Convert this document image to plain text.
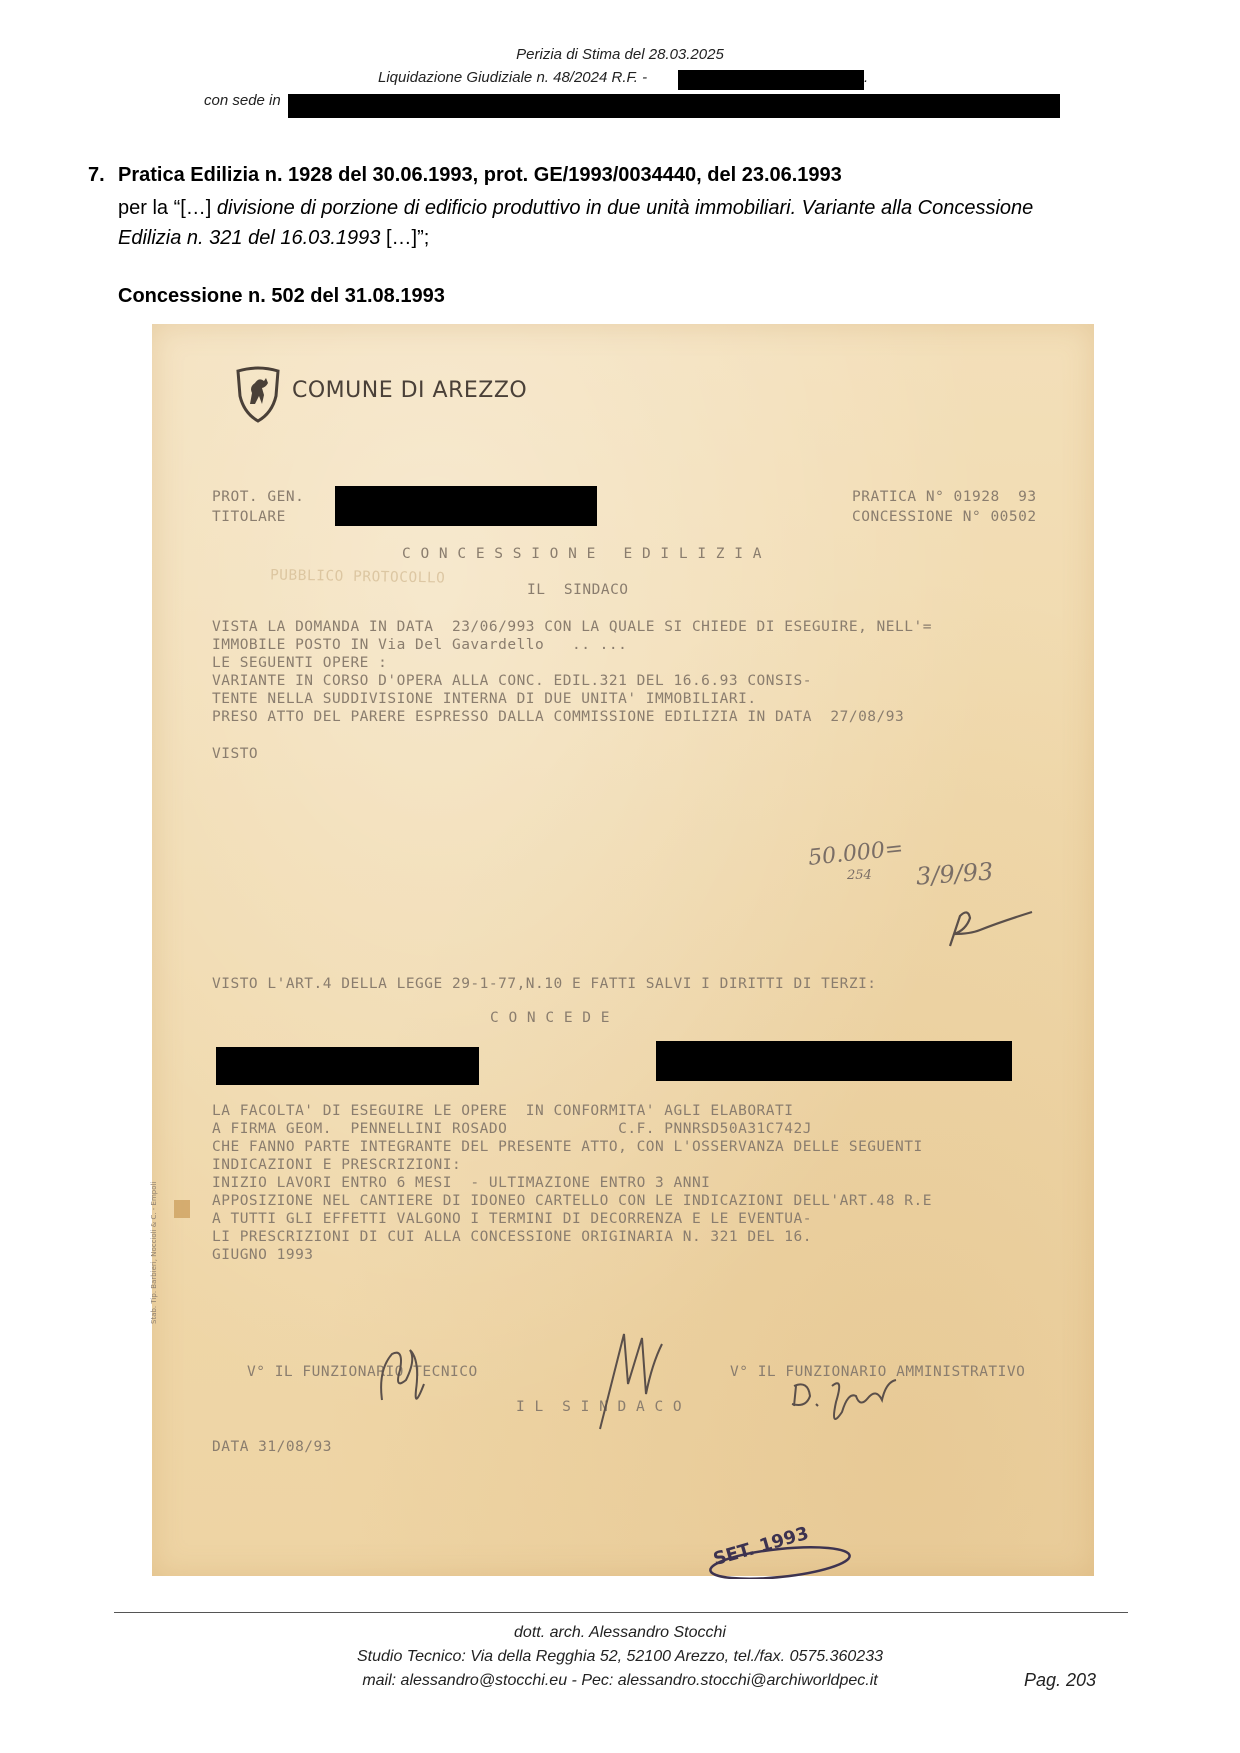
Perizia di Stima del 28.03.2025
Liquidazione Giudiziale n. 48/2024 R.F. -	.
con sede in
7. Pratica Edilizia n. 1928 del 30.06.1993, prot. GE/1993/0034440, del 23.06.1993
per la “[…] divisione di porzione di edificio produttivo in due unità immobiliari. Variante alla Concessione Edilizia n. 321 del 16.03.1993 […]”;
Concessione n. 502 del 31.08.1993
COMUNE DI AREZZO
PROT. GEN.
TITOLARE
PRATICA N° 01928  93
CONCESSIONE N° 00502
C O N C E S S I O N E   E D I L I Z I A
PUBBLICO PROTOCOLLO
IL  SINDACO
VISTA LA DOMANDA IN DATA  23/06/993 CON LA QUALE SI CHIEDE DI ESEGUIRE, NELL'=
IMMOBILE POSTO IN Via Del Gavardello   .. ...
LE SEGUENTI OPERE :
VARIANTE IN CORSO D'OPERA ALLA CONC. EDIL.321 DEL 16.6.93 CONSIS-
TENTE NELLA SUDDIVISIONE INTERNA DI DUE UNITA' IMMOBILIARI.
PRESO ATTO DEL PARERE ESPRESSO DALLA COMMISSIONE EDILIZIA IN DATA  27/08/93
VISTO
50.000=
254 3/9/93
VISTO L'ART.4 DELLA LEGGE 29-1-77,N.10 E FATTI SALVI I DIRITTI DI TERZI:
C O N C E D E
LA FACOLTA' DI ESEGUIRE LE OPERE  IN CONFORMITA' AGLI ELABORATI
A FIRMA GEOM.  PENNELLINI ROSADO            C.F. PNNRSD50A31C742J
CHE FANNO PARTE INTEGRANTE DEL PRESENTE ATTO, CON L'OSSERVANZA DELLE SEGUENTI
INDICAZIONI E PRESCRIZIONI:
INIZIO LAVORI ENTRO 6 MESI  - ULTIMAZIONE ENTRO 3 ANNI
APPOSIZIONE NEL CANTIERE DI IDONEO CARTELLO CON LE INDICAZIONI DELL'ART.48 R.E
A TUTTI GLI EFFETTI VALGONO I TERMINI DI DECORRENZA E LE EVENTUA-
LI PRESCRIZIONI DI CUI ALLA CONCESSIONE ORIGINARIA N. 321 DEL 16.
GIUGNO 1993
V° IL FUNZIONARIO TECNICO	V° IL FUNZIONARIO AMMINISTRATIVO
I L  S I N D A C O
DATA 31/08/93
SET. 1993
Stab. Tip. Barbieri, Noccioli & C. - Empoli
dott. arch. Alessandro Stocchi
Studio Tecnico: Via della Regghia 52, 52100 Arezzo, tel./fax. 0575.360233
mail: alessandro@stocchi.eu - Pec: alessandro.stocchi@archiworldpec.it	Pag. 203
